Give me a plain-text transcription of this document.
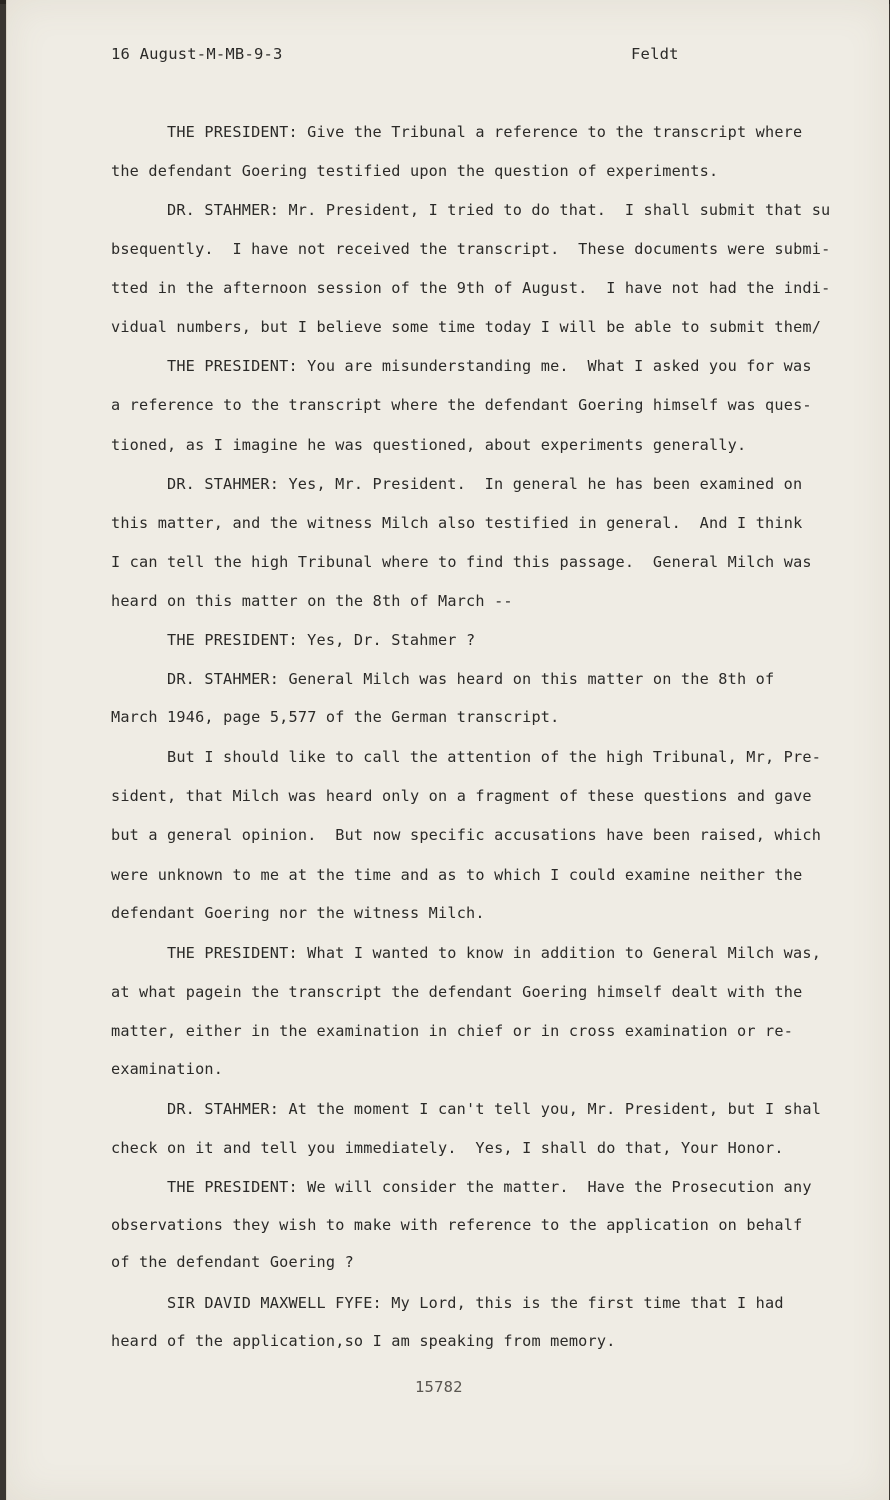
16 August-M-MB-9-3	Feldt
THE PRESIDENT: Give the Tribunal a reference to the transcript where
the defendant Goering testified upon the question of experiments.
DR. STAHMER: Mr. President, I tried to do that.  I shall submit that su
bsequently.  I have not received the transcript.  These documents were submi-
tted in the afternoon session of the 9th of August.  I have not had the indi-
vidual numbers, but I believe some time today I will be able to submit them/
THE PRESIDENT: You are misunderstanding me.  What I asked you for was
a reference to the transcript where the defendant Goering himself was ques-
tioned, as I imagine he was questioned, about experiments generally.
DR. STAHMER: Yes, Mr. President.  In general he has been examined on
this matter, and the witness Milch also testified in general.  And I think
I can tell the high Tribunal where to find this passage.  General Milch was
heard on this matter on the 8th of March --
THE PRESIDENT: Yes, Dr. Stahmer ?
DR. STAHMER: General Milch was heard on this matter on the 8th of
March 1946, page 5,577 of the German transcript.
But I should like to call the attention of the high Tribunal, Mr, Pre-
sident, that Milch was heard only on a fragment of these questions and gave
but a general opinion.  But now specific accusations have been raised, which
were unknown to me at the time and as to which I could examine neither the
defendant Goering nor the witness Milch.
THE PRESIDENT: What I wanted to know in addition to General Milch was,
at what pagein the transcript the defendant Goering himself dealt with the
matter, either in the examination in chief or in cross examination or re-
examination.
DR. STAHMER: At the moment I can't tell you, Mr. President, but I shal
check on it and tell you immediately.  Yes, I shall do that, Your Honor.
THE PRESIDENT: We will consider the matter.  Have the Prosecution any
observations they wish to make with reference to the application on behalf
of the defendant Goering ?
SIR DAVID MAXWELL FYFE: My Lord, this is the first time that I had
heard of the application,so I am speaking from memory.
15782
